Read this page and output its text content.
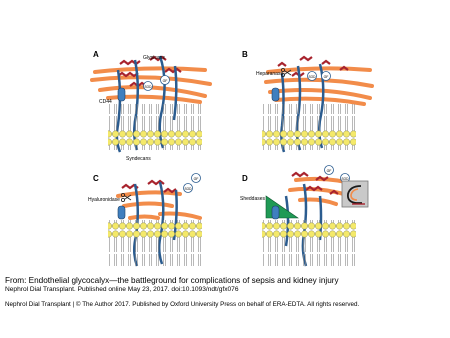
A	Glypicans
CD44
SOD
GF
Syndecans
B
Heparanase	SOD GF
C
Hyaluronidase
GF
SOD
D
Sheddases
GF
SOD
From: Endothelial glycocalyx—the battleground for complications of sepsis and kidney injury
Nephrol Dial Transplant. Published online May 23, 2017. doi:10.1093/ndt/gfx076
Nephrol Dial Transplant | © The Author 2017. Published by Oxford University Press on behalf of ERA-EDTA. All rights reserved.
